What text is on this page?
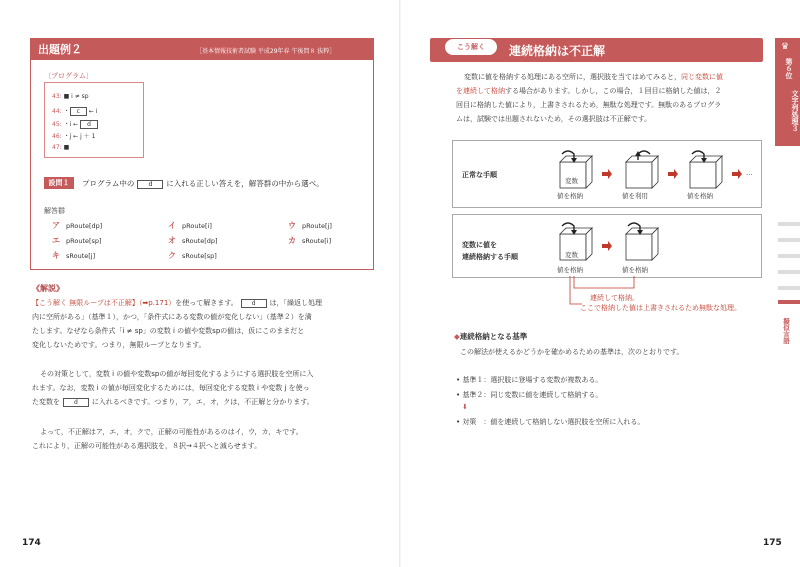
出題例２	［基本情報技術者試験 平成29年春 午後問８ 抜粋］
〔プログラム〕
43: ■ i ≠ sp
44: ・ c ← i
45: ・i ← d
46: ・j ← j ＋ 1
47: ■
設問１	プログラム中の d に入れる正しい答えを，解答群の中から選べ。
解答群
ア pRoute[dp]	イ pRoute[i]	ウ pRoute[j]
エ pRoute[sp]	オ sRoute[dp]	カ sRoute[i]
キ sRoute[j]	ク sRoute[sp]
《解説》
【こう解く 無限ループは不正解】（➡p.171）を使って解きます。 d は，「繰返し処理
内に空所がある」（基準１），かつ，「条件式にある変数の値が変化しない」（基準２）を満
たします。なぜなら条件式「i ≠ sp」の変数 i の値や変数spの値は，仮にこのままだと
変化しないためです。つまり，無限ループとなります。
その対策として，変数 i の値や変数spの値が毎回変化するようにする選択肢を空所に入
れます。なお，変数 i の値が毎回変化するためには，毎回変化する変数 i や変数 j を使っ
た変数を d に入れるべきです。つまり，ア，エ，オ，クは，不正解と分かります。
よって，不正解はア，エ，オ，クで，正解の可能性があるのはイ，ウ，カ，キです。
これにより，正解の可能性がある選択肢を，８択→４択へと減らせます。
174
こう解く	連続格納は不正解
変数に値を格納する処理にある空所に，選択肢を当てはめてみると，同じ変数に値
を連続して格納する場合があります。しかし，この場合，１回目に格納した値は，２
回目に格納した値により，上書きされるため，無駄な処理です。無駄のあるプログラ
ムは，試験では出題されないため，その選択肢は不正解です。
正常な手順
変数
値を格納	値を利用	値を格納
…
変数に値を
連続格納する手順	変数
値を格納	値を格納
連続して格納。
ここで格納した値は上書きされるため無駄な処理。
◆連続格納となる基準
この解法が使えるかどうかを確かめるための基準は，次のとおりです。
• 基準１：選択肢に登場する変数が複数ある。
• 基準２：同じ変数に値を連続して格納する。
⬇
• 対策　：値を連続して格納しない選択肢を空所に入れる。
175
♛
第６位
文字列処理３
擬似言語
